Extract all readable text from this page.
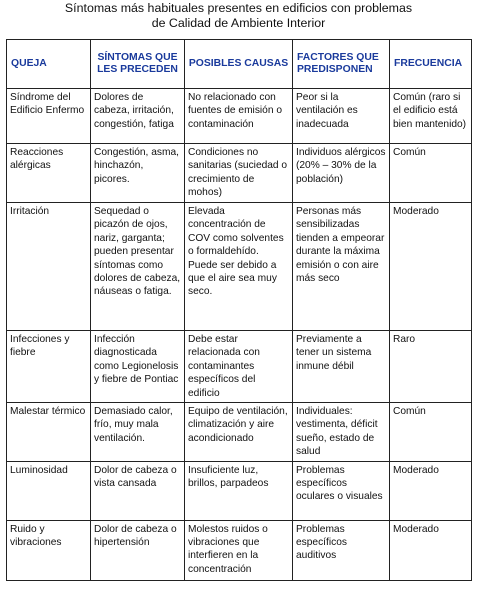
Síntomas más habituales presentes en edificios con problemas
de Calidad de Ambiente Interior
QUEJA	SÍNTOMAS QUE LES PRECEDEN	POSIBLES CAUSAS	FACTORES QUE PREDISPONEN	FRECUENCIA
Síndrome del Edificio Enfermo	Dolores de cabeza, irritación, congestión, fatiga	No relacionado con fuentes de emisión o contaminación	Peor si la ventilación es inadecuada	Común (raro si el edificio está bien mantenido)
Reacciones alérgicas	Congestión, asma, hinchazón, picores.	Condiciones no sanitarias (suciedad o crecimiento de mohos)	Individuos alérgicos (20% – 30% de la población)	Común
Irritación	Sequedad o picazón de ojos, nariz, garganta; pueden presentar síntomas como dolores de cabeza, náuseas o fatiga.	Elevada concentración de COV como solventes o formaldehído. Puede ser debido a que el aire sea muy seco.	Personas más sensibilizadas tienden a empeorar durante la máxima emisión o con aire más seco	Moderado
Infecciones y fiebre	Infección diagnosticada como Legionelosis y fiebre de Pontiac	Debe estar relacionada con contaminantes específicos del edificio	Previamente a tener un sistema inmune débil	Raro
Malestar térmico	Demasiado calor, frío, muy mala ventilación.	Equipo de ventilación, climatización y aire acondicionado	Individuales: vestimenta, déficit sueño, estado de salud	Común
Luminosidad	Dolor de cabeza o vista cansada	Insuficiente luz, brillos, parpadeos	Problemas específicos oculares o visuales	Moderado
Ruido y vibraciones	Dolor de cabeza o hipertensión	Molestos ruidos o vibraciones que interfieren en la concentración	Problemas específicos auditivos	Moderado
